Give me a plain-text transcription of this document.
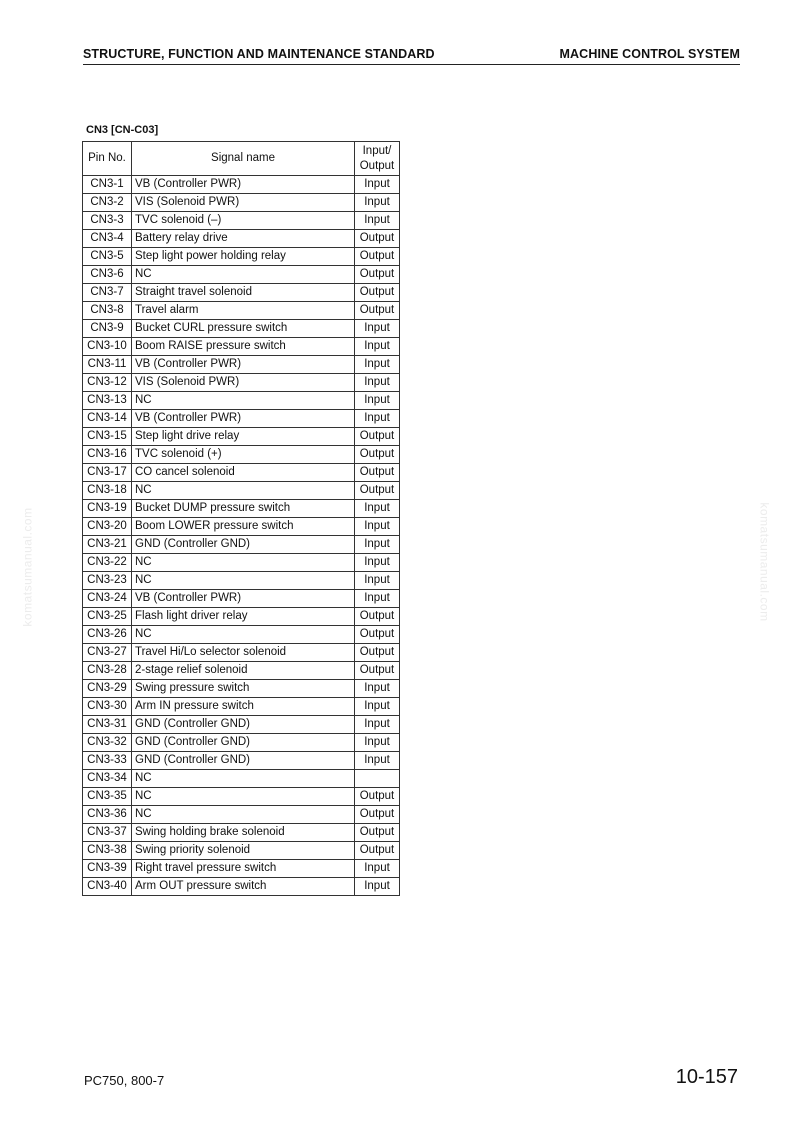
STRUCTURE, FUNCTION AND MAINTENANCE STANDARD	MACHINE CONTROL SYSTEM
CN3 [CN-C03]
Pin No.	Signal name	Input/
Output
CN3-1	VB (Controller PWR)	Input
CN3-2	VIS (Solenoid PWR)	Input
CN3-3	TVC solenoid (–)	Input
CN3-4	Battery relay drive	Output
CN3-5	Step light power holding relay	Output
CN3-6	NC	Output
CN3-7	Straight travel solenoid	Output
CN3-8	Travel alarm	Output
CN3-9	Bucket CURL pressure switch	Input
CN3-10	Boom RAISE pressure switch	Input
CN3-11	VB (Controller PWR)	Input
CN3-12	VIS (Solenoid PWR)	Input
CN3-13	NC	Input
CN3-14	VB (Controller PWR)	Input
CN3-15	Step light drive relay	Output
CN3-16	TVC solenoid (+)	Output
CN3-17	CO cancel solenoid	Output
CN3-18	NC	Output
CN3-19	Bucket DUMP pressure switch	Input
CN3-20	Boom LOWER pressure switch	Input
CN3-21	GND (Controller GND)	Input
CN3-22	NC	Input
CN3-23	NC	Input
CN3-24	VB (Controller PWR)	Input
CN3-25	Flash light driver relay	Output
CN3-26	NC	Output
CN3-27	Travel Hi/Lo selector solenoid	Output
CN3-28	2-stage relief solenoid	Output
CN3-29	Swing pressure switch	Input
CN3-30	Arm IN pressure switch	Input
CN3-31	GND (Controller GND)	Input
CN3-32	GND (Controller GND)	Input
CN3-33	GND (Controller GND)	Input
CN3-34	NC	
CN3-35	NC	Output
CN3-36	NC	Output
CN3-37	Swing holding brake solenoid	Output
CN3-38	Swing priority solenoid	Output
CN3-39	Right travel pressure switch	Input
CN3-40	Arm OUT pressure switch	Input
PC750, 800-7	10-157
komatsumanual.com	komatsumanual.com
